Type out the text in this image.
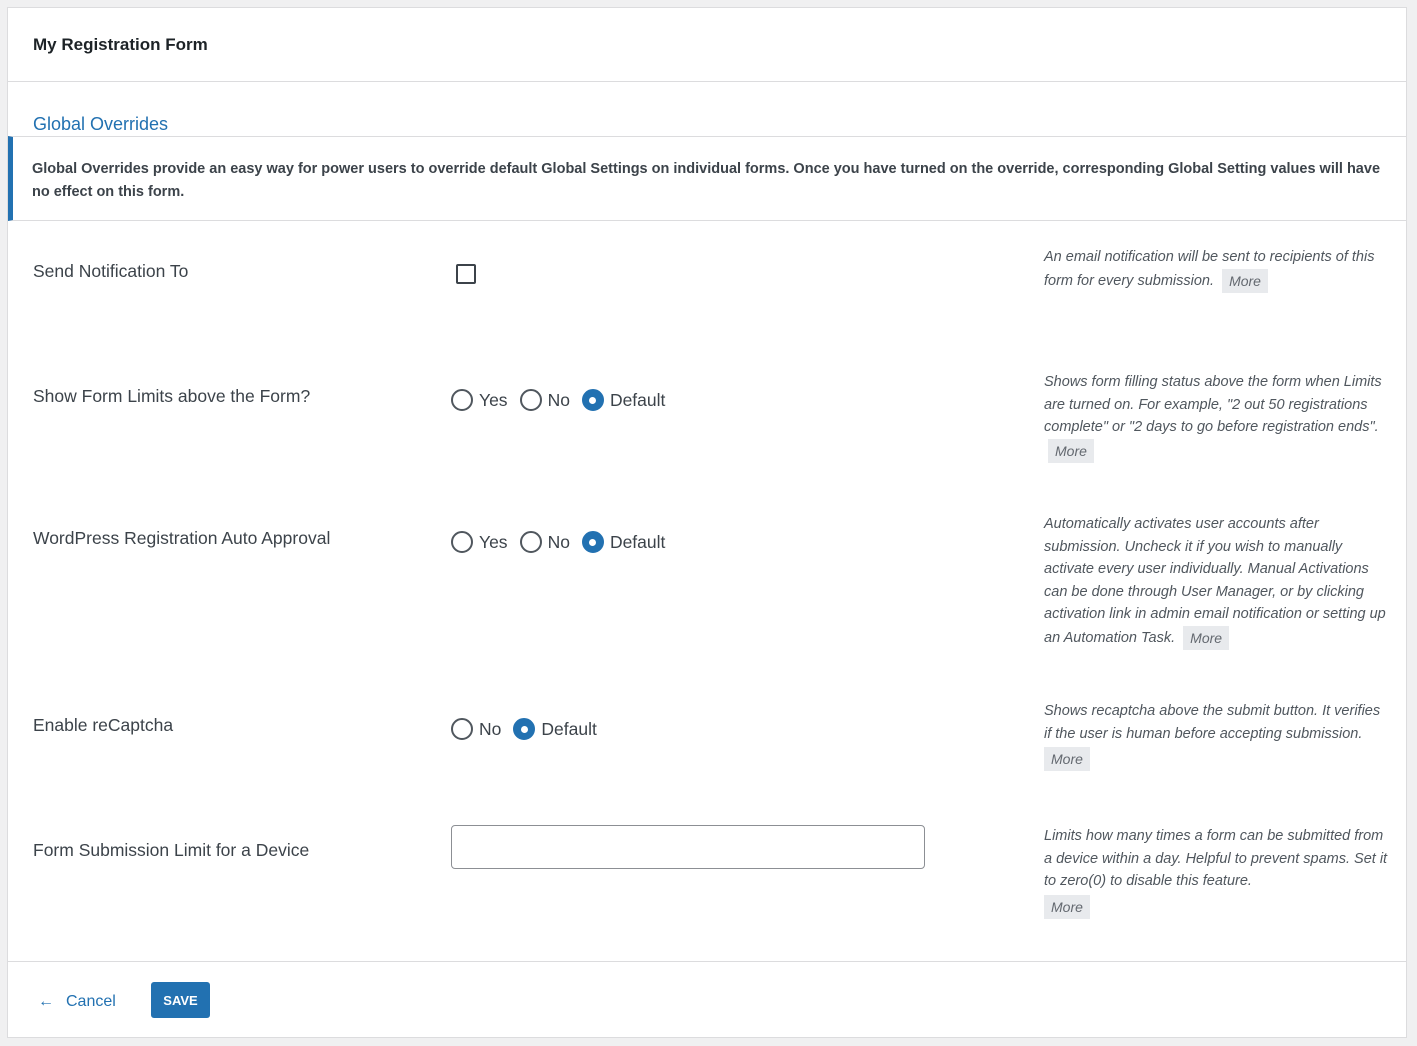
My Registration Form
Global Overrides
Global Overrides provide an easy way for power users to override default Global Settings on individual forms. Once you have turned on the override, corresponding Global Setting values will have no effect on this form.
Send Notification To
An email notification will be sent to recipients of this form for every submission. More
Show Form Limits above the Form?	Yes No Default
Shows form filling status above the form when Limits are turned on. For example, "2 out 50 registrations complete" or "2 days to go before registration ends". More
WordPress Registration Auto Approval	Yes No Default
Automatically activates user accounts after submission. Uncheck it if you wish to manually activate every user individually. Manual Activations can be done through User Manager, or by clicking activation link in admin email notification or setting up an Automation Task. More
Enable reCaptcha	No Default
Shows recaptcha above the submit button. It verifies if the user is human before accepting submission.
More
Form Submission Limit for a Device
Limits how many times a form can be submitted from a device within a day. Helpful to prevent spams. Set it to zero(0) to disable this feature.
More
← Cancel	SAVE
